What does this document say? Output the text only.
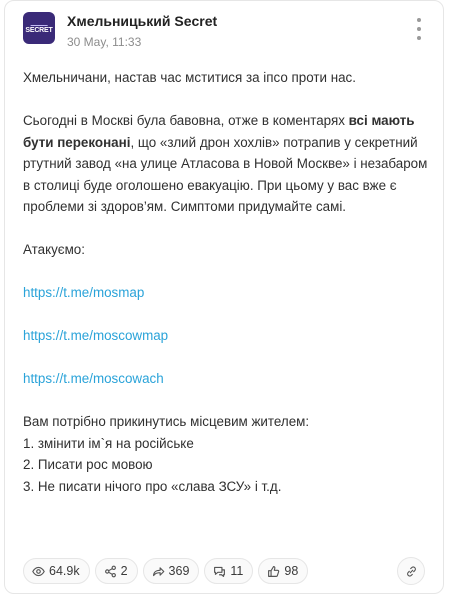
▬▬▬▬▬▬
SECRET
Хмельницький Secret
30 May, 11:33

Хмельничани, настав час мститися за іпсо проти нас.

Сьогодні в Москві була бавовна, отже в коментарях всі мають бути переконані, що «злий дрон хохлів» потрапив у секретний ртутний завод «на улице Атласова в Новой Москве» і незабаром в столиці буде оголошено евакуацію. При цьому у вас вже є проблеми зі здоров’ям. Симптоми придумайте самі.

Атакуємо:

https://t.me/mosmap

https://t.me/moscowmap

https://t.me/moscowach

Вам потрібно прикинутись місцевим жителем:

1. змінити ім`я на російське

2. Писати рос мовою

3. Не писати нічого про «слава ЗСУ» і т.д.

64.9k	2	369	11	98
